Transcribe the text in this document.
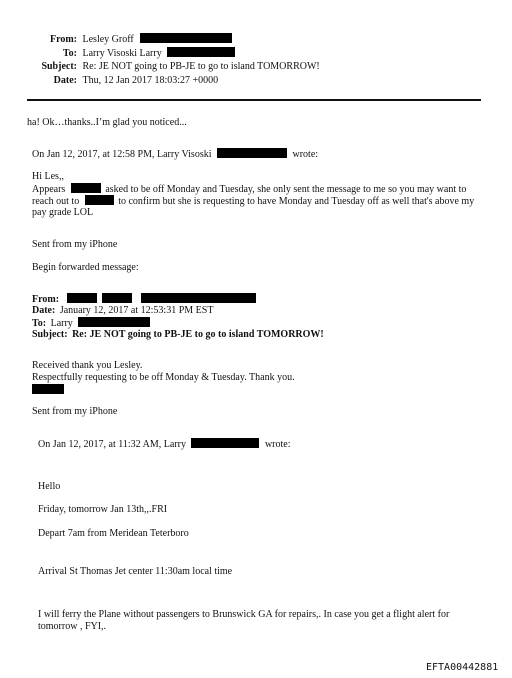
From: Lesley Groff
To: Larry Visoski Larry
Subject: Re: JE NOT going to PB-JE to go to island TOMORROW!
Date: Thu, 12 Jan 2017 18:03:27 +0000
ha! Ok…thanks..I’m glad you noticed...
On Jan 12, 2017, at 12:58 PM, Larry Visoski	wrote:
Hi Les,,
Appears	asked to be off Monday and Tuesday, she only sent the message to me so you may want to
reach out to	to confirm but she is requesting to have Monday and Tuesday off as well that's above my
pay grade LOL
Sent from my iPhone
Begin forwarded message:
From:
Date: January 12, 2017 at 12:53:31 PM EST
To: Larry
Subject: Re: JE NOT going to PB-JE to go to island TOMORROW!
Received thank you Lesley.
Respectfully requesting to be off Monday & Tuesday. Thank you.
Sent from my iPhone
On Jan 12, 2017, at 11:32 AM, Larry	wrote:
Hello
Friday, tomorrow Jan 13th,,.FRI
Depart 7am from Meridean Teterboro
Arrival St Thomas Jet center 11:30am local time
I will ferry the Plane without passengers to Brunswick GA for repairs,. In case you get a flight alert for
tomorrow , FYI,.
EFTA00442881
